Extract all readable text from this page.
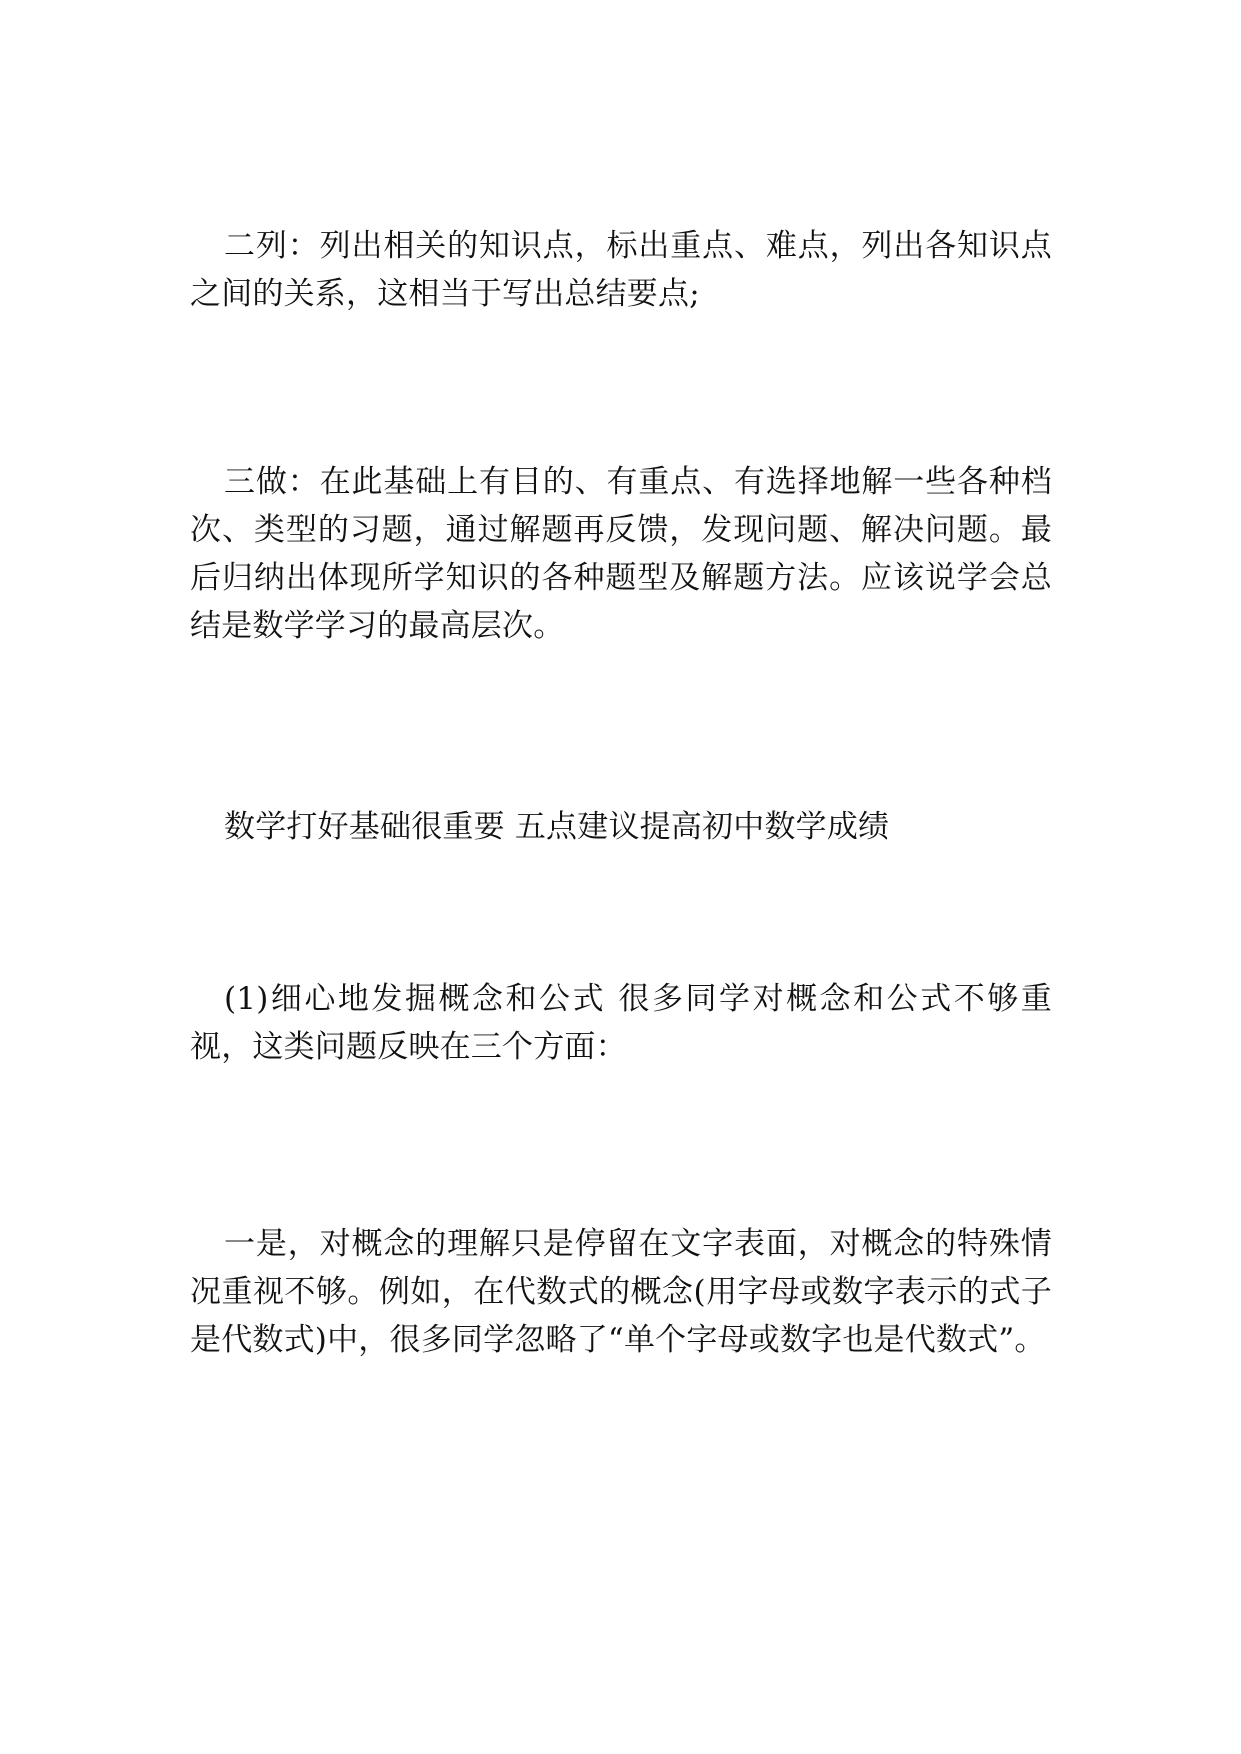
二列：列出相关的知识点，标出重点、难点，列出各知识点之间的关系，这相当于写出总结要点;

三做：在此基础上有目的、有重点、有选择地解一些各种档次、类型的习题，通过解题再反馈，发现问题、解决问题。最后归纳出体现所学知识的各种题型及解题方法。应该说学会总结是数学学习的最高层次。

数学打好基础很重要 五点建议提高初中数学成绩

(1)细心地发掘概念和公式 很多同学对概念和公式不够重视，这类问题反映在三个方面：

一是，对概念的理解只是停留在文字表面，对概念的特殊情况重视不够。例如，在代数式的概念(用字母或数字表示的式子是代数式)中，很多同学忽略了“单个字母或数字也是代数式”。
